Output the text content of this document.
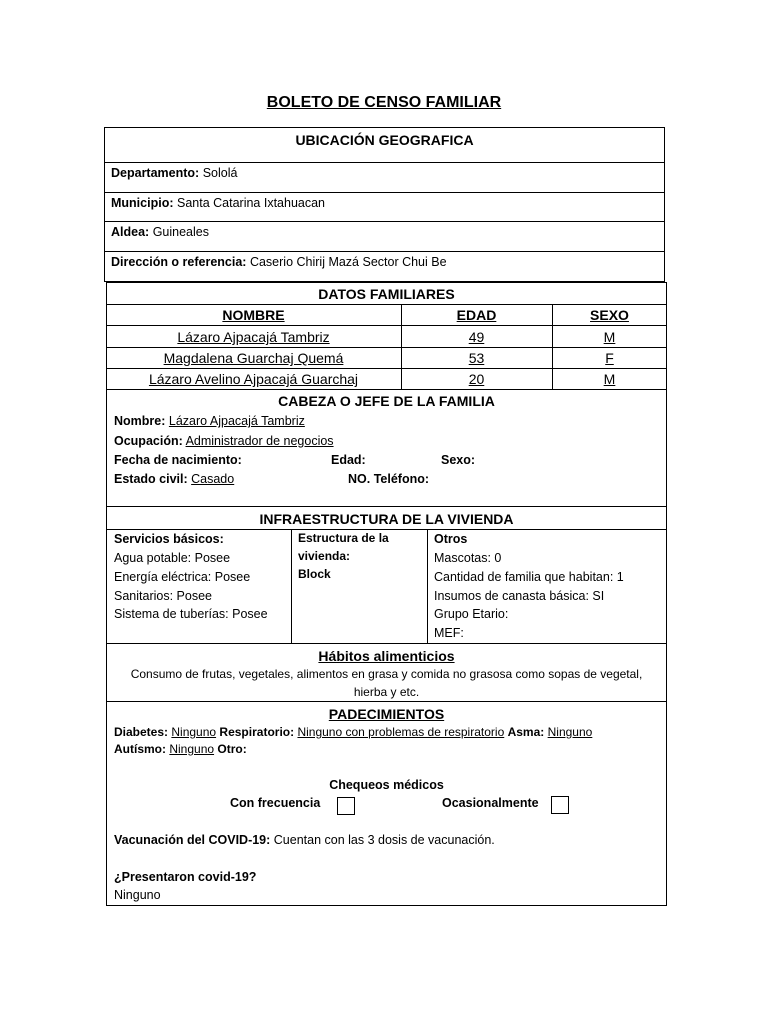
BOLETO DE CENSO FAMILIAR
UBICACIÓN GEOGRAFICA
Departamento: Sololá
Municipio: Santa Catarina Ixtahuacan
Aldea: Guineales
Dirección o referencia: Caserio Chirij Mazá Sector Chui Be
DATOS FAMILIARES
NOMBRE	EDAD	SEXO
Lázaro Ajpacajá Tambriz	49	M
Magdalena Guarchaj Quemá	53	F
Lázaro Avelino Ajpacajá Guarchaj	20	M
CABEZA O JEFE DE LA FAMILIA
Nombre: Lázaro Ajpacajá Tambriz
Ocupación: Administrador de negocios
Fecha de nacimiento:	Edad:	Sexo:
Estado civil: Casado	NO. Teléfono:
INFRAESTRUCTURA DE LA VIVIENDA
Servicios básicos:
Agua potable: Posee
Energía eléctrica: Posee
Sanitarios: Posee
Sistema de tuberías: Posee
Estructura de la
vivienda:
Block
Otros
Mascotas: 0
Cantidad de familia que habitan: 1
Insumos de canasta básica: SI
Grupo Etario:
MEF:
Hábitos alimenticios
Consumo de frutas, vegetales, alimentos en grasa y comida no grasosa como sopas de vegetal,
hierba y etc.
PADECIMIENTOS
Diabetes: Ninguno Respiratorio: Ninguno con problemas de respiratorio Asma: Ninguno
Autísmo: Ninguno Otro:
Chequeos médicos
Con frecuencia	Ocasionalmente
Vacunación del COVID-19: Cuentan con las 3 dosis de vacunación.
¿Presentaron covid-19?
Ninguno
